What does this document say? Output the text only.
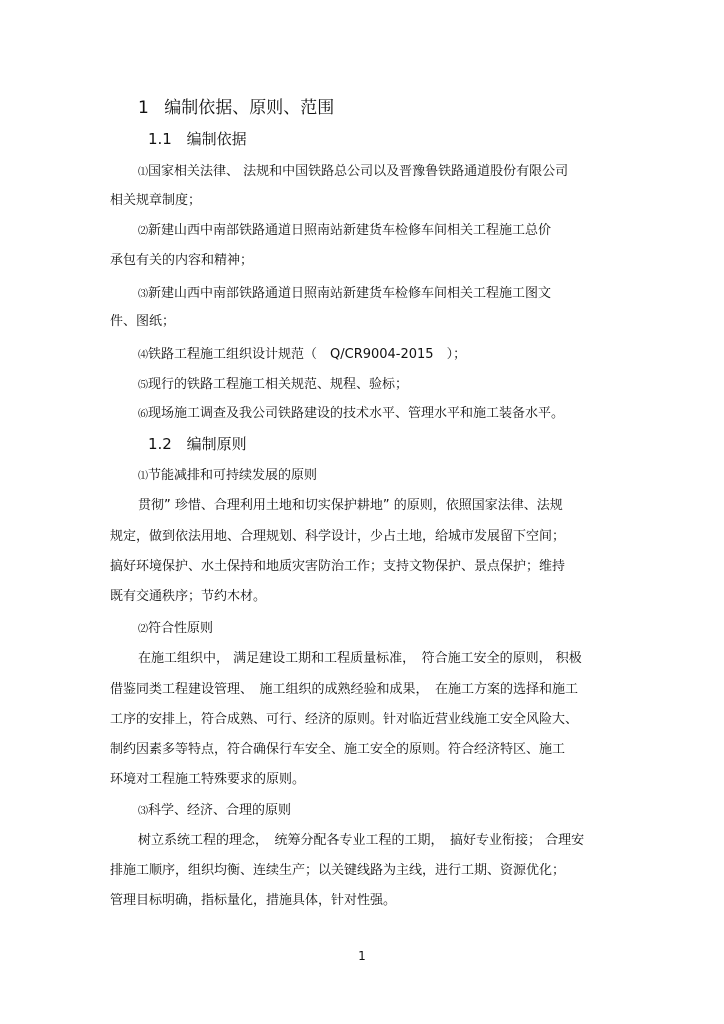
1 编制依据、原则、范围
1.1 编制依据
⑴国家相关法律、 法规和中国铁路总公司以及晋豫鲁铁路通道股份有限公司
相关规章制度；
⑵新建山西中南部铁路通道日照南站新建货车检修车间相关工程施工总价
承包有关的内容和精神；
⑶新建山西中南部铁路通道日照南站新建货车检修车间相关工程施工图文
件、图纸；
⑷铁路工程施工组织设计规范（　Q/CR9004-2015　）；
⑸现行的铁路工程施工相关规范、规程、验标；
⑹现场施工调查及我公司铁路建设的技术水平、管理水平和施工装备水平。
1.2 编制原则
⑴节能减排和可持续发展的原则
贯彻” 珍惜、合理利用土地和切实保护耕地” 的原则，依照国家法律、法规
规定，做到依法用地、合理规划、科学设计，少占土地，给城市发展留下空间；
搞好环境保护、水土保持和地质灾害防治工作；支持文物保护、景点保护；维持
既有交通秩序；节约木材。
⑵符合性原则
在施工组织中， 满足建设工期和工程质量标准，　符合施工安全的原则， 积极
借鉴同类工程建设管理、　施工组织的成熟经验和成果，　在施工方案的选择和施工
工序的安排上，符合成熟、可行、经济的原则。针对临近营业线施工安全风险大、
制约因素多等特点，符合确保行车安全、施工安全的原则。符合经济特区、施工
环境对工程施工特殊要求的原则。
⑶科学、经济、合理的原则
树立系统工程的理念，　统筹分配各专业工程的工期，　搞好专业衔接； 合理安
排施工顺序，组织均衡、连续生产；以关键线路为主线，进行工期、资源优化；
管理目标明确，指标量化，措施具体，针对性强。
1
